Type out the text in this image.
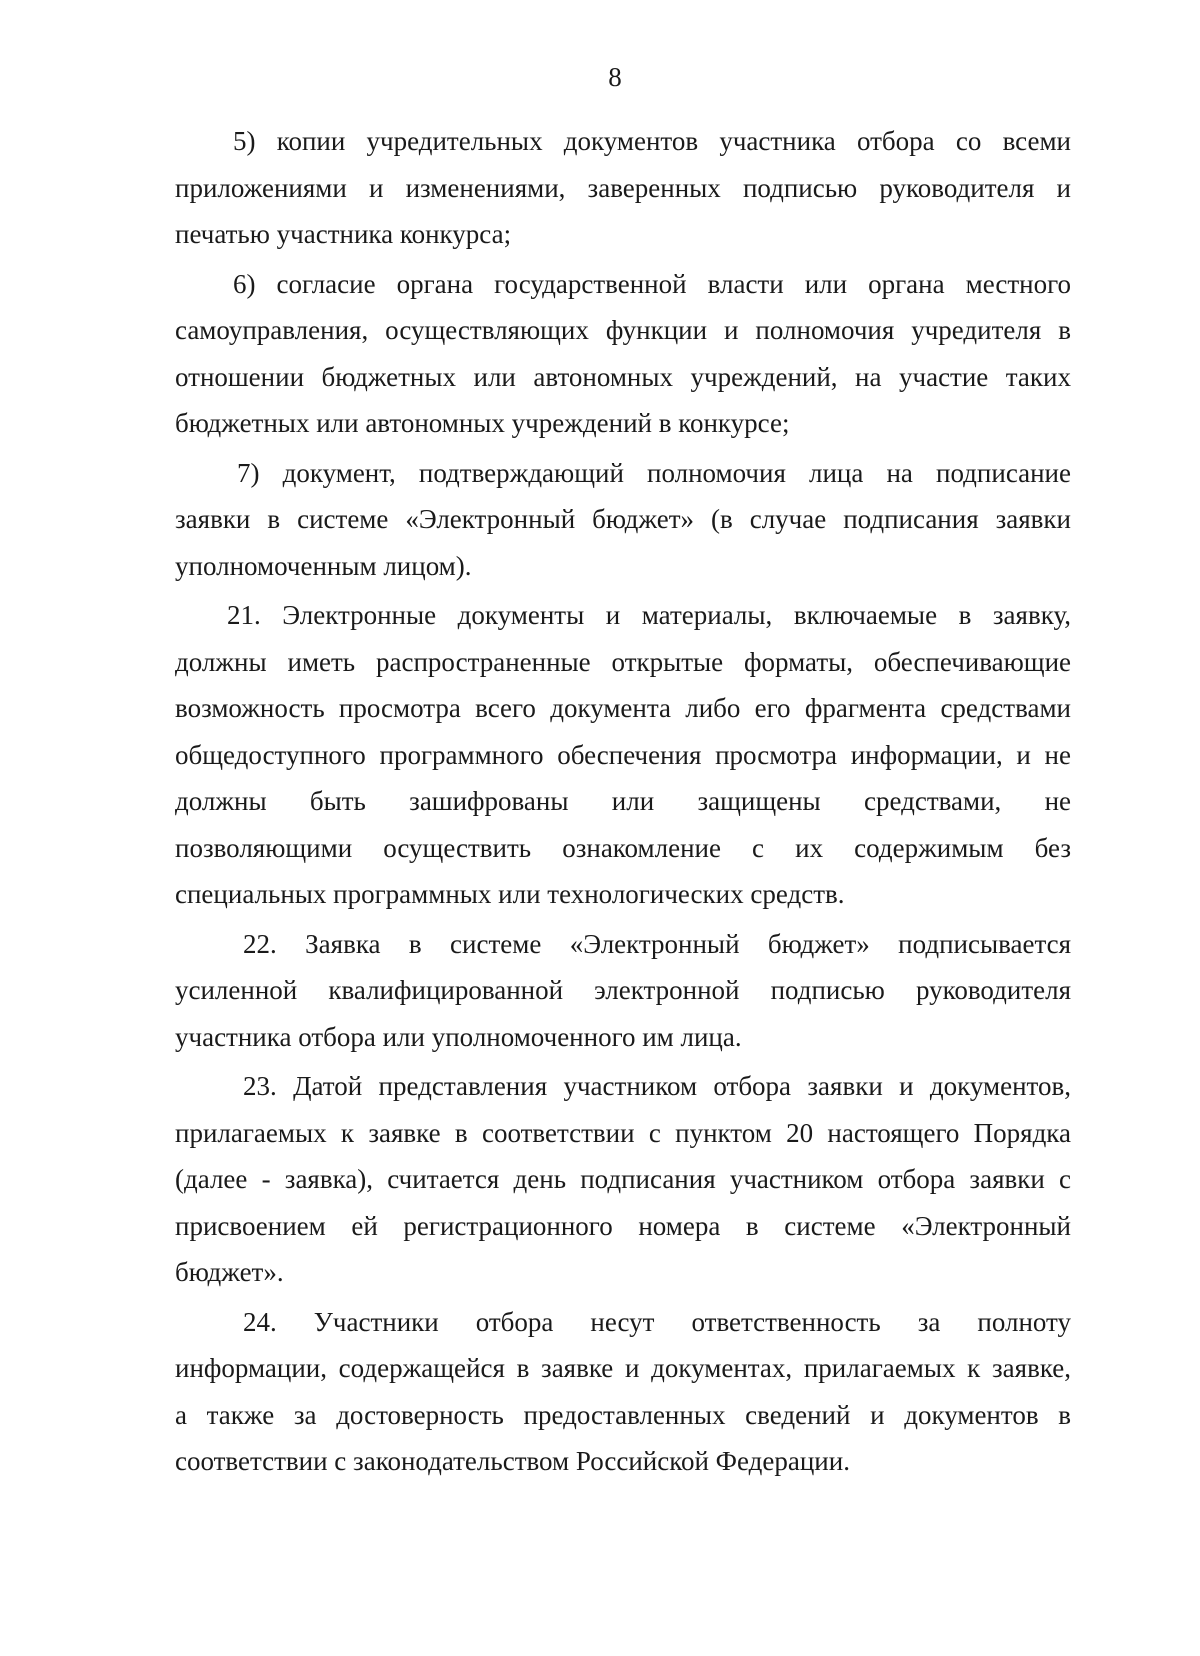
8
5) копии учредительных документов участника отбора со всеми
приложениями и изменениями, заверенных подписью руководителя и
печатью участника конкурса;
6) согласие органа государственной власти или органа местного
самоуправления, осуществляющих функции и полномочия учредителя в
отношении бюджетных или автономных учреждений, на участие таких
бюджетных или автономных учреждений в конкурсе;
7) документ, подтверждающий полномочия лица на подписание
заявки в системе «Электронный бюджет» (в случае подписания заявки
уполномоченным лицом).
21. Электронные документы и материалы, включаемые в заявку,
должны иметь распространенные открытые форматы, обеспечивающие
возможность просмотра всего документа либо его фрагмента средствами
общедоступного программного обеспечения просмотра информации, и не
должны быть зашифрованы или защищены средствами, не
позволяющими осуществить ознакомление с их содержимым без
специальных программных или технологических средств.
22. Заявка в системе «Электронный бюджет» подписывается
усиленной квалифицированной электронной подписью руководителя
участника отбора или уполномоченного им лица.
23. Датой представления участником отбора заявки и документов,
прилагаемых к заявке в соответствии с пунктом 20 настоящего Порядка
(далее - заявка), считается день подписания участником отбора заявки с
присвоением ей регистрационного номера в системе «Электронный
бюджет».
24. Участники отбора несут ответственность за полноту
информации, содержащейся в заявке и документах, прилагаемых к заявке,
а также за достоверность предоставленных сведений и документов в
соответствии с законодательством Российской Федерации.
